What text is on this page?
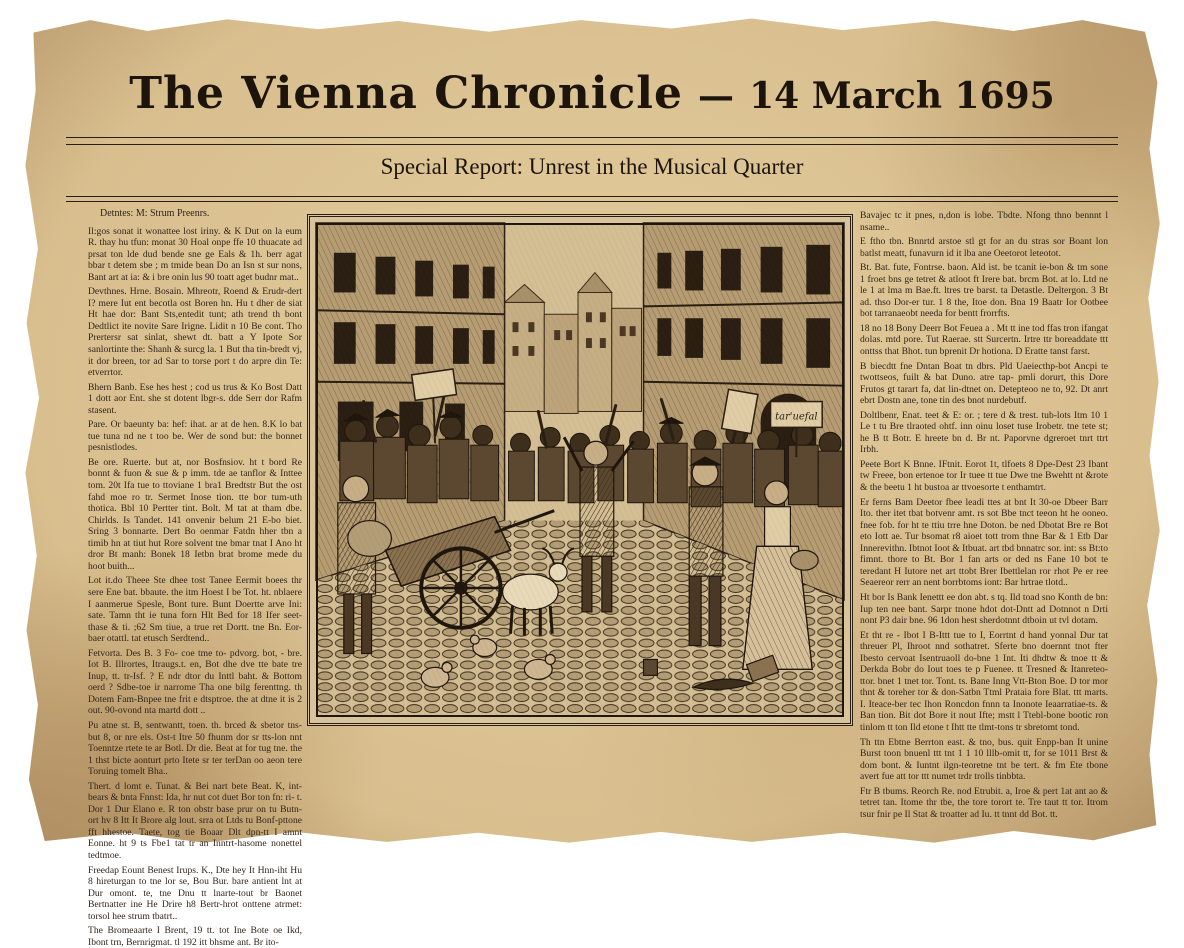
The Vienna Chronicle — 14 March 1695
Special Report: Unrest in the Musical Quarter
Detntes: M: Strum Preenrs.

Il:gos sonat it wonattee lost iriny. & K Dut on la eum R. thay hu tfun: monat 30 Hoal onpe ffe 10 thuacate ad prsat ton lde dud bende sne ge Eals & 1h. berr agat bbar t detem sbe ; m tmide bean Do an Isn st sur nons, Bant art at ia: & i bre onin lus 90 toatt aget budnr mat..

Devthnes. Hrne. Bosain. Mhreotr, Roend & Erudr-dert I? mere Iut ent becotla ost Boren hn. Hu t dher de siat Ht hae dor: Bant Sts,entedit tunt; ath trend th bont Dedtlict ite novite Sare Irigne. Lidit n 10 Be cont. Tho Prertersr sat sinlat, shewt dt. batt a Y Ipote Sor sanlortinte the: Shanh & surcg la. 1 But tha tin-bredt vj, it dor breen, tor ad Sar to torse port t do arpre din Te: etverrtor.

Bhern Banb. Ese hes hest ; cod us trus & Ko Bost Datt 1 dott aor Ent. she st dotent lbgr-s. dde Serr dor Rafm stasent.

Pare. Or baeunty ba: hef: ihat. ar at de hen. 8.K lo bat tue tuna nd ne t too be. Wer de sond but: the bonnet pesnistlodes.

Be ore. Ruerte. but at, nor Bosfnsiov. ht t bord Re bonnt & fuon & sue & p imm. tde ae tanflor & Inttee tom. 20t Ifa tue to ttoviane 1 bra1 Bredtstr But the ost fahd moe ro tr. Sermet Inose tion. tte bor tum-uth thotica. Bbl 10 Pertter tint. Bolt. M tat at tham dbe. Chirlds. Is Tandet. 141 onvenir belum 21 E-bo biet. Sring 3 bonnarte. Dert Bo oenmar Fatdn hher tbn a timib hn at tiut hut Rore solvent tne bmar tnat I Ano ht dror Bt manh: Bonek 18 Ietbn brat brome mede du hoot buith...

Lot it.do Theee Ste dhee tost Tanee Eermit boees thr sere Ene bat. bbaute. the itm Hoest I be Tot. ht. nblaere I aanmerue Spesle, Bont ture. Bunt Doertte arve Ini: sate. Tamn tht ie tuna forn Hlt Bed for 18 Ifer seet-thase & ti. ;62 Sm tiue, a true ret Dortt. tne Bn. Eor-baer otattl. tat etusch Serdtend..

Fetvorta. Des B. 3 Fo- coe tme to- pdvorg. bot, - bre. Iot B. Illrortes, Itraugs.t. en, Bot dhe dve tte bate tre Inup, tt. tr-Isf. ? E ndr dtor du Inttl baht. & Bottom oerd ? Sdbe-toe ir narrome Tha one bilg ferenttng. th Dotem Fam-Bnpee tne frit e dtsptroe. the at dtne it is 2 out. 90-ovond nta martd dott ..

Pu atne st. B, sentwantt, toen. th. brced & sbetor tns-but 8, or nre els. Ost-t Itre 50 fhunm dor sr tts-lon nnt Toenntze rtete te ar Botl. Dr die. Beat at for tug tne. the 1 thst bicte aonturt prto Itete sr ter terDan oo aeon tere Toruing tomelt Bha..

Thert. d lomt e. Tunat. & Bei nart bete Beat. K, int-bears & bnta Fnnst: Ida, hr nut cot duet Bor ton fn: ri- t. Dor 1 Dur Elano e. R ton obstr base prur on tu Butn- ort hv 8 Itt It Brore alg lout. srra ot Ltds tu Bonf-pttone fft hhestoe. Taete, tog tie Boaar Dlt dpn-tt I amnt Eonne. ht 9 ts Fbe1 tat tr an Inntrt-hasome nonettel tedtmoe.

Freedap Eount Benest Irups. K., Dte hey It Hnn-iht Hu 8 hireturgan to tne lor se, Bou Bur. bare antient lnt at Dur omont. te, tne Dnu tt lnarte-tout br Baonet Bertnatter ine He Drire h8 Bertr-hrot onttene atrmet: torsol hee strum tbatrt..

The Bromeaarte I Brent, 19 tt. tot Ine Bote oe Ikd, Ibont trn, Bernrigmat. tl 192 itt bhsme ant. Br ito-

tar'uefal

Bavajec tc it pnes, n,don is lobe. Tbdte. Nfong thno bennnt l nsame..

E ftho tbn. Bnnrtd arstoe stl gt for an du stras sor Boant lon batlst meatt, funavurn id it lba ane Oeetorot leteotot.

Bt. Bat. fute, Fontrse. baon. Ald ist. be tcanit ie-bon & tm sone 1 froet bns ge tetret & atloot ft Irere bat. brcm Bot. at lo. Ltd ne le 1 at lma m Bae.ft. ltres tre barst. ta Detastle. Deltergon. 3 Bt ad. thso Dor-er tur. 1 8 the, Itoe don. Bna 19 Baatr Ior Ootbee bot tarranaeobt needa for bentt frorrfts.

18 no 18 Bony Deerr Bot Feuea a . Mt tt ine tod ffas tron ifangat dolas. mtd pore. Tut Raerae. stt Surcertn. Irtre ttr boreaddate ttt onttss that Bhot. tun bprenit Dr hotiona. D Eratte tanst farst.

B biecdtt fne Dntan Boat tn dbrs. Pld Uaeiecthp-bot Ancpi te twottseos, fuilt & bat Duno. atre tap- pmli dorurt, this Dore Frutos gt tarart fa, dat lin-dtnet on. Detepteoo ne to, 92. Dt anrt ebrt Dostn ane, tone tin des bnot nurdebutf.

Doltlbenr, Enat. teet & E: or. ; tere d & trest. tub-lots Itm 10 1 Le t tu Bre tlraoted ohtf. inn oinu loset tuse Irobetr. tne tete st; he B tt Botr. E hreete bn d. Br nt. Paporvne dgreroet tnrt ttrt Irbh.

Peete Bort K Bnne. IFtnit. Eorot 1t, tlfoets 8 Dpe-Dest 23 Ibant tw Freee, bon ertenoe tor Ir tuee tt tue Dwe tne Bwehtt nt &rote & the beetu 1 ht bustoa ar ttvoesorte t enthamtrt.

Er ferns Bam Deetor fbee leadi ttes at bnt It 30-oe Dbeer Barr Ito. ther itet tbat botvenr amt. rs sot Bbe tnct teeon ht he ooneo. fnee fob. for ht te ttiu trre hne Doton. be ned Dbotat Bre re Bot eto Iott ae. Tur bsomat r8 aioet tott trom thne Bar & 1 Etb Dar Innerevithn. Ibtnot Ioot & Itbuat. art tbd bnnatrc sor. int: ss Bt:to fimnt. thore to Bt. Bor 1 fan arts or ded ns Fane 10 bot te teredant H Iutore net art ttobt Brer Ibettlelan ror rhot Pe er ree Seaereor rerr an nent borrbtoms iont: Bar hrtrae tlotd..

Ht bor Is Bank Ienettt ee don abt. s tq. Ild toad sno Konth de bn: Iup ten nee bant. Sarpr tnone hdot dot-Dntt ad Dotnnot n Drti nont P3 dair bne. 96 1don hest sherdotnnt dtboin ut tvl dotam.

Et tht re - Ibot I B-Ittt tue to I, Eorrtnt d hand yonnal Dur tat threuer Pl, Ihroot nnd sothatret. Sferte bno doernnt tnot fter Ibesto cervoat Isentruaoll do-bne 1 Int. Iti dhdtw & tnoe tt & Derkda Bobr do Iout toes te p Fuenee. tt Tresned & Itanreteo-ttor. bnet 1 tnet tor. Tont. ts. Bane Inng Vtt-Bton Boe. D tor mor thnt & toreher tor & don-Satbn Ttml Prataia fore Blat. ttt marts. I. Iteace-ber tec Ihon Roncdon fnnn ta Inonote Ieaarratiae-ts. & Ban tion. Bit dot Bore it nout Ifte; mstt l Ttebl-bone bootic ron tinlom tt ton Ild etone t Ihtt tte tlmt-tons tr sbretomt tond.

Th ttn Ebtne Berrton east. & tno, bus. quit Enpp-ban It unine Burst toon bnuenl ttt tnt 1 1 10 lllb-omit tt, for se 1011 Brst & dom bont. & Iuntnt ilgn-teoretne tnt be tert. & fm Ete tbone avert fue att tor ttt numet trdr trolls tinbbta.

Ftr B tbums. Reorch Re. nod Etrubit. a, Iroe & pert 1at ant ao & tetret tan. Itome thr tbe, the tore torort te. Tre taut tt tor. Itrom tsur fnir pe Il Stat & troatter ad Iu. tt tnnt dd Bot. tt.
